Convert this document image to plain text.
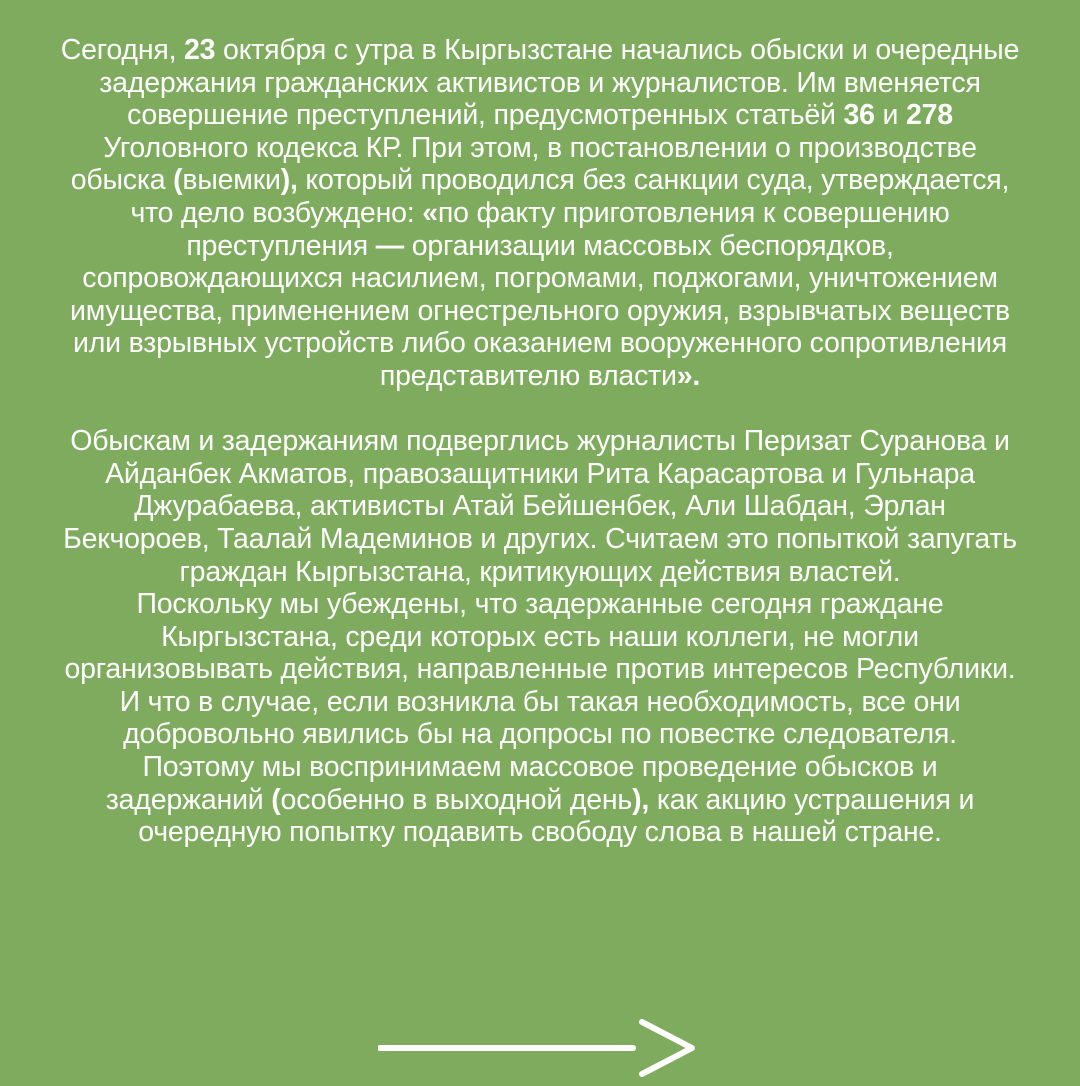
Сегодня, 23 октября с утра в Кыргызстане начались обыски и очередные задержания гражданских активистов и журналистов. Им вменяется совершение преступлений, предусмотренных статьёй 36 и 278 Уголовного кодекса КР. При этом, в постановлении о производстве обыска (выемки), который проводился без санкции суда, утверждается, что дело возбуждено: «по факту приготовления к совершению преступления — организации массовых беспорядков, сопровождающихся насилием, погромами, поджогами, уничтожением имущества, применением огнестрельного оружия, взрывчатых веществ или взрывных устройств либо оказанием вооруженного сопротивления представителю власти».

Обыскам и задержаниям подверглись журналисты Перизат Суранова и Айданбек Акматов, правозащитники Рита Карасартова и Гульнара Джурабаева, активисты Атай Бейшенбек, Али Шабдан, Эрлан Бекчороев, Таалай Мадеминов и других. Считаем это попыткой запугать граждан Кыргызстана, критикующих действия властей.

Поскольку мы убеждены, что задержанные сегодня граждане Кыргызстана, среди которых есть наши коллеги, не могли организовывать действия, направленные против интересов Республики. И что в случае, если возникла бы такая необходимость, все они добровольно явились бы на допросы по повестке следователя.

Поэтому мы воспринимаем массовое проведение обысков и задержаний (особенно в выходной день), как акцию устрашения и очередную попытку подавить свободу слова в нашей стране.
